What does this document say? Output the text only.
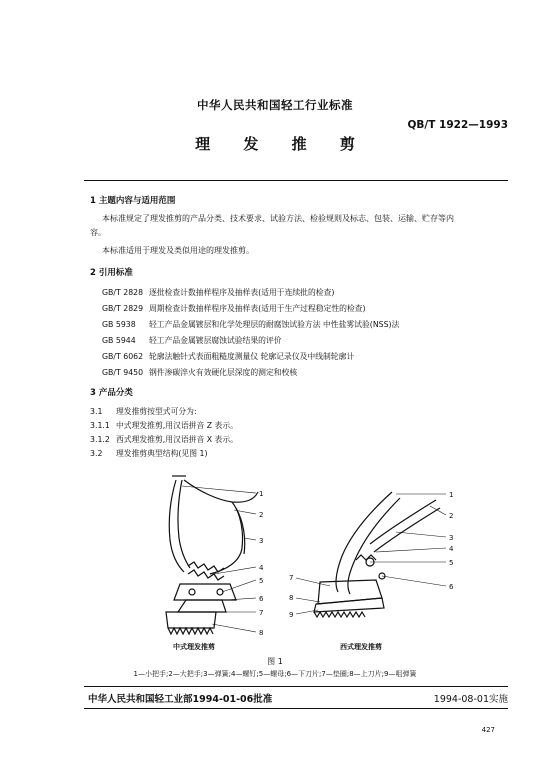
中华人民共和国轻工行业标准
QB/T 1922—1993
理 发 推 剪
1 主题内容与适用范围
本标准规定了理发推剪的产品分类、技术要求、试验方法、检验规则及标志、包装、运输、贮存等内
容。
本标准适用于理发及类似用途的理发推剪。
2 引用标准
GB/T 2828 逐批检查计数抽样程序及抽样表(适用于连续批的检查)
GB/T 2829 周期检查计数抽样程序及抽样表(适用于生产过程稳定性的检查)
GB 5938 轻工产品金属镀层和化学处理层的耐腐蚀试验方法 中性盐雾试验(NSS)法
GB 5944 轻工产品金属镀层腐蚀试验结果的评价
GB/T 6062 轮廓法触针式表面粗糙度测量仪 轮廓记录仪及中线制轮廓计
GB/T 9450 钢件渗碳淬火有效硬化层深度的测定和校核
3 产品分类
3.1 理发推剪按型式可分为:
3.1.1 中式理发推剪,用汉语拼音 Z 表示。
3.1.2 西式理发推剪,用汉语拼音 X 表示。
3.2 理发推剪典型结构(见图 1)
1
2
3
4
5
6
7
8
1
2
3
4
5
6
7
8
9
中式理发推剪	西式理发推剪
图 1
1—小把手;2—大把手;3—弹簧;4—螺钉;5—螺母;6—下刀片;7—垫圈;8—上刀片;9—咀弹簧
中华人民共和国轻工业部1994-01-06批准	1994-08-01实施
427
